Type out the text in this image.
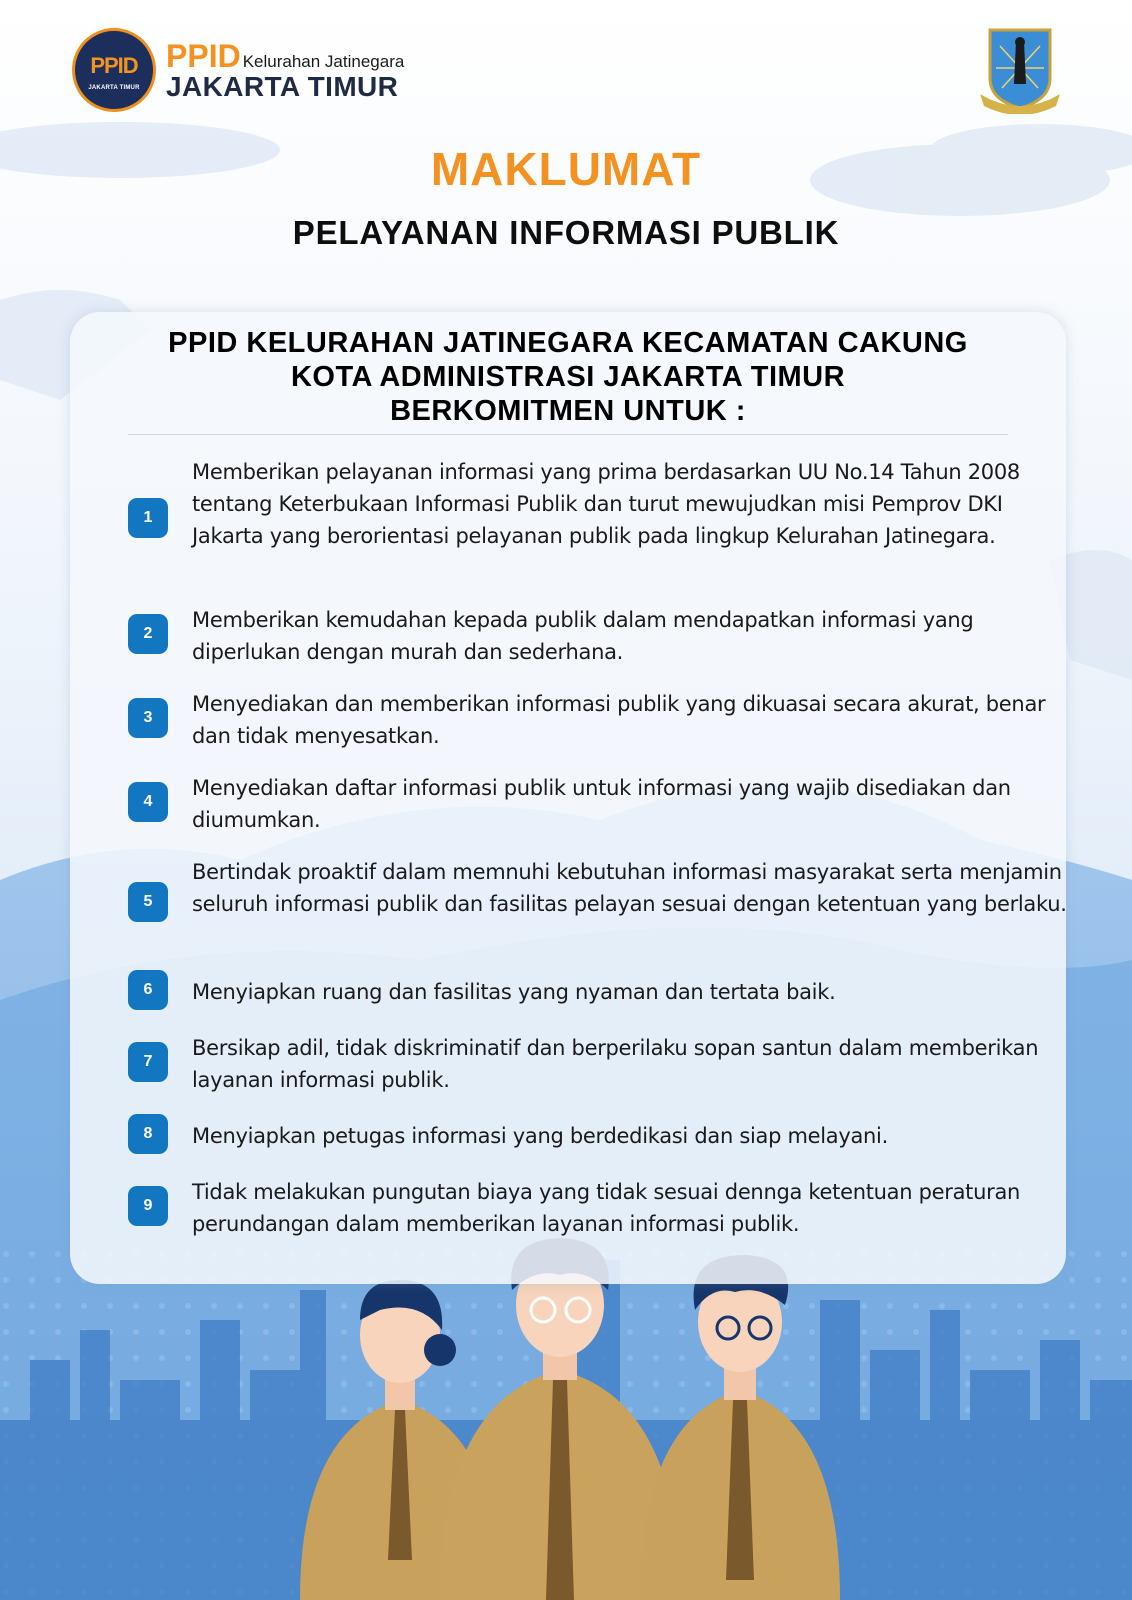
PPID
JAKARTA TIMUR
PPID Kelurahan Jatinegara
JAKARTA TIMUR
MAKLUMAT
PELAYANAN INFORMASI PUBLIK
PPID KELURAHAN JATINEGARA KECAMATAN CAKUNG
KOTA ADMINISTRASI JAKARTA TIMUR
BERKOMITMEN UNTUK :
1
Memberikan pelayanan informasi yang prima berdasarkan UU No.14 Tahun 2008 tentang Keterbukaan Informasi Publik dan turut mewujudkan misi Pemprov DKI Jakarta yang berorientasi pelayanan publik pada lingkup Kelurahan Jatinegara.
2
Memberikan kemudahan kepada publik dalam mendapatkan informasi yang diperlukan dengan murah dan sederhana.
3
Menyediakan dan memberikan informasi publik yang dikuasai secara akurat, benar dan tidak menyesatkan.
4
Menyediakan daftar informasi publik untuk informasi yang wajib disediakan dan diumumkan.
5
Bertindak proaktif dalam memnuhi kebutuhan informasi masyarakat serta menjamin seluruh informasi publik dan fasilitas pelayan sesuai dengan ketentuan yang berlaku.
6	Menyiapkan ruang dan fasilitas yang nyaman dan tertata baik.
7
Bersikap adil, tidak diskriminatif dan berperilaku sopan santun dalam memberikan layanan informasi publik.
8	Menyiapkan petugas informasi yang berdedikasi dan siap melayani.
9
Tidak melakukan pungutan biaya yang tidak sesuai dennga ketentuan peraturan perundangan dalam memberikan layanan informasi publik.
